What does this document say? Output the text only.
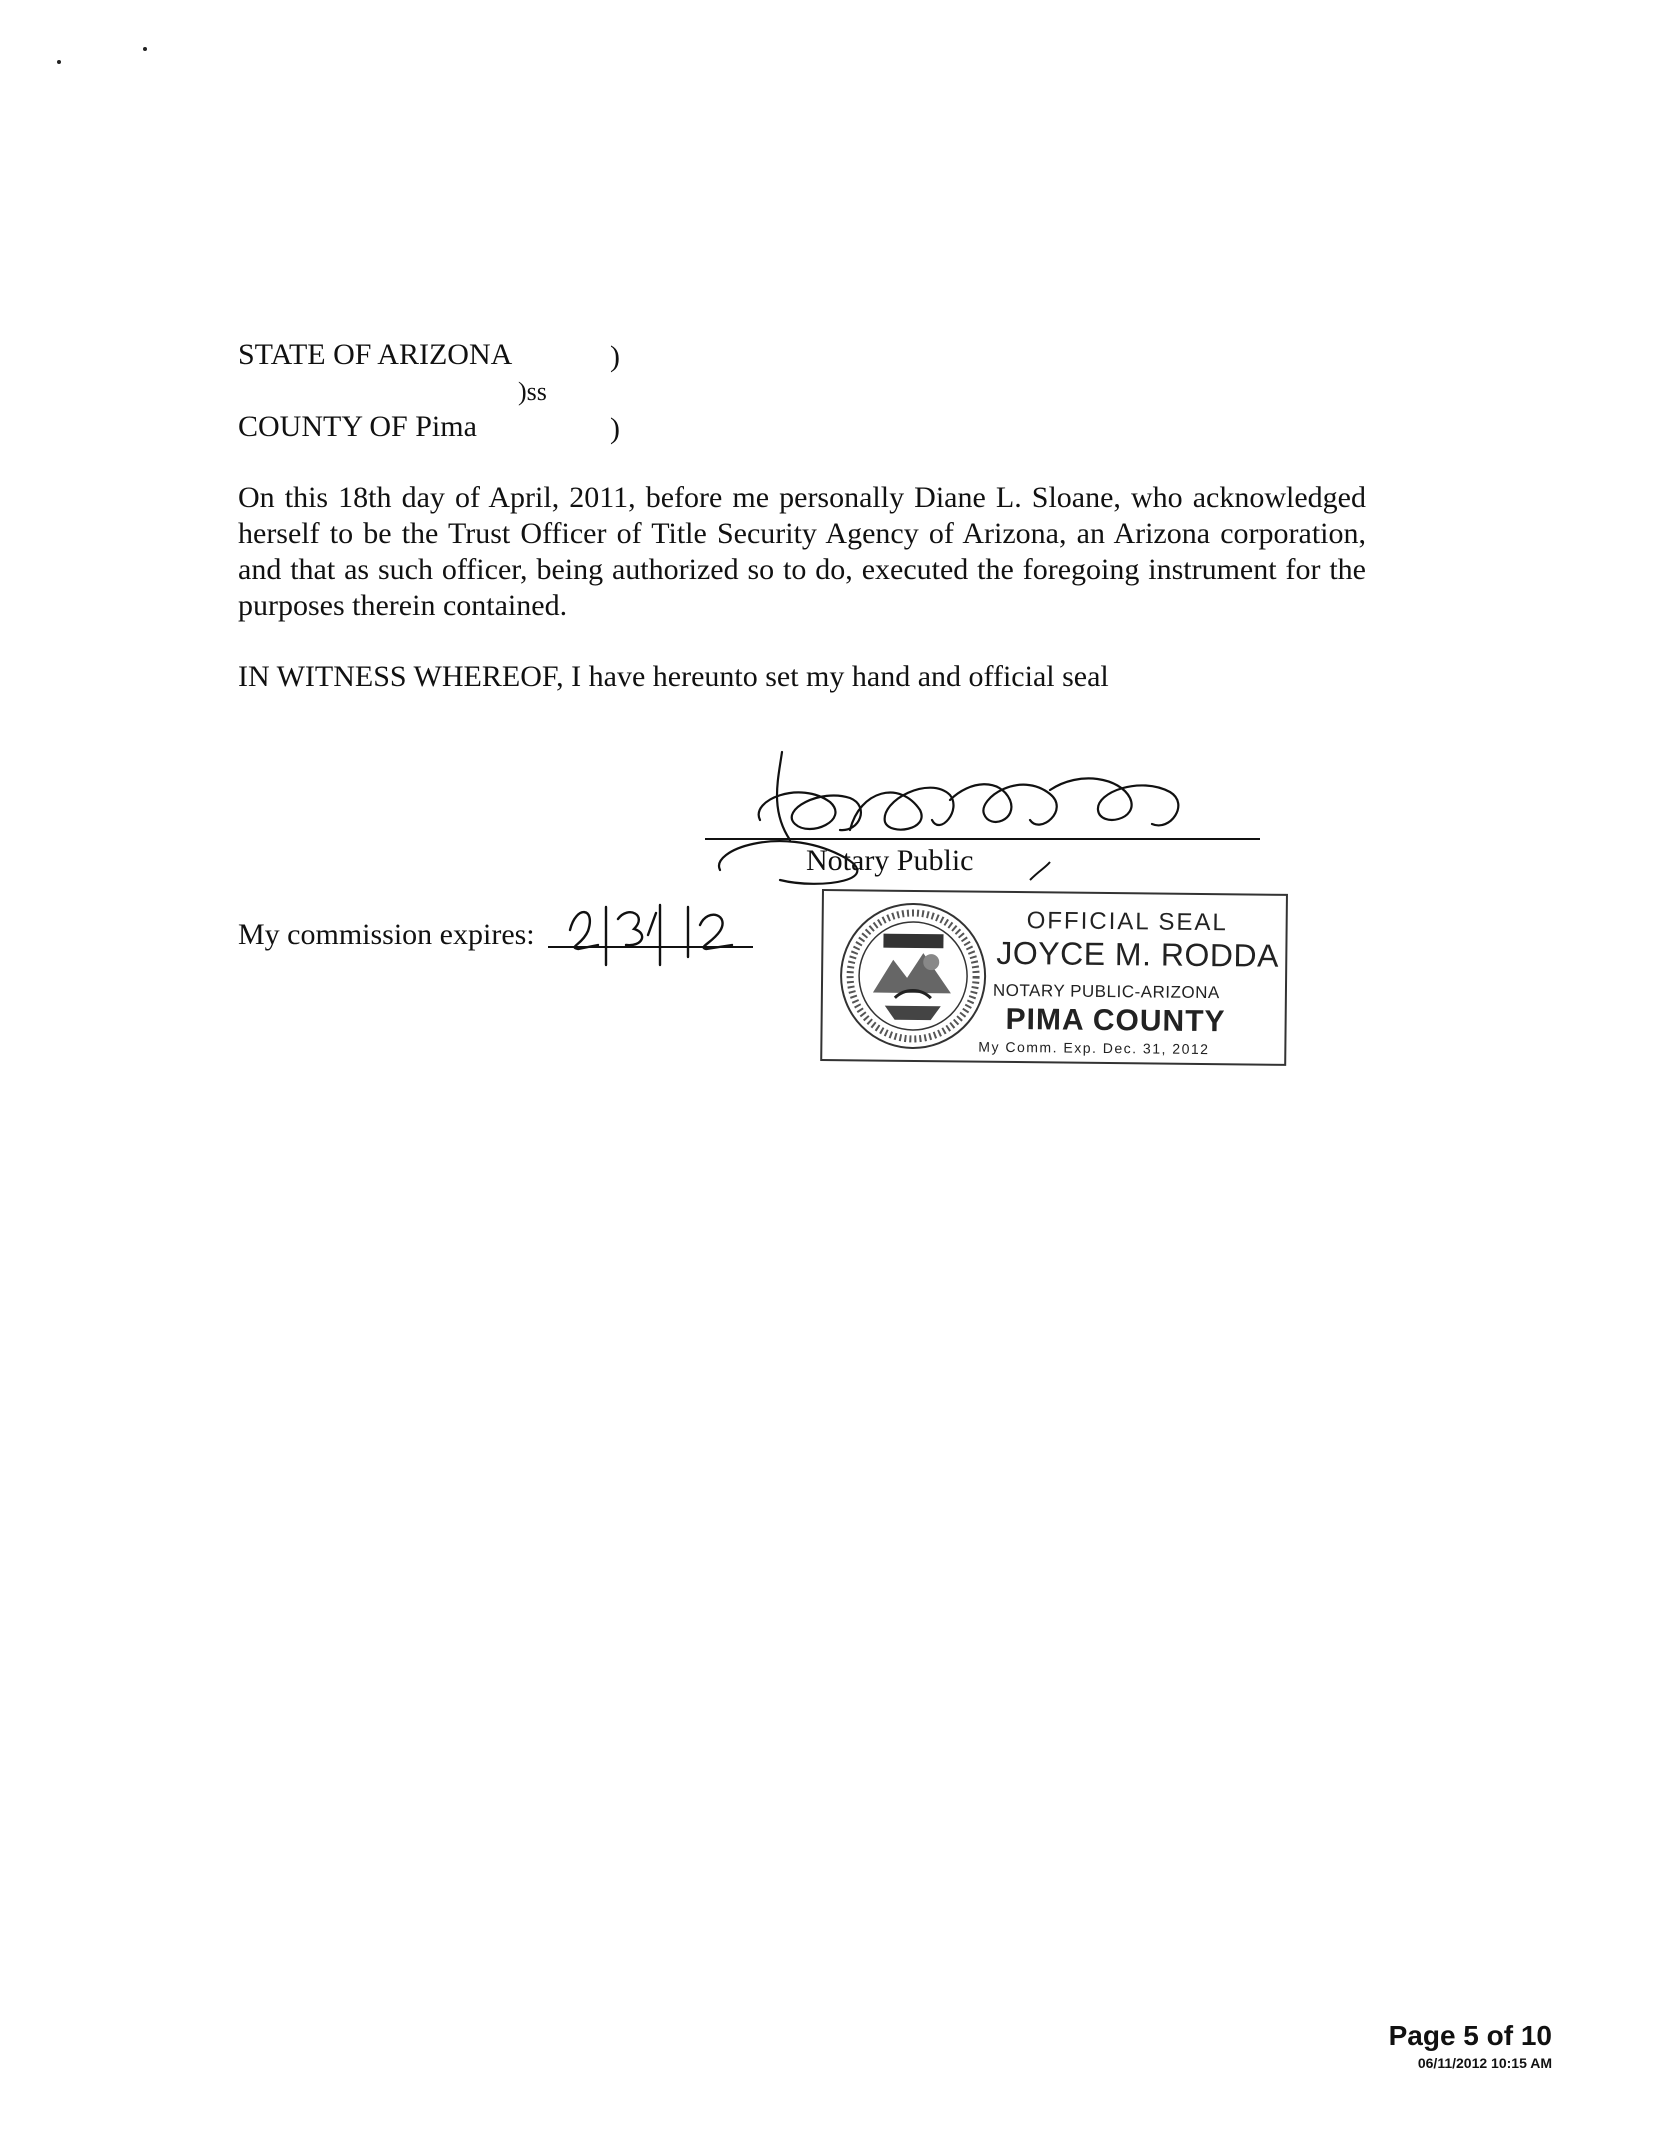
STATE OF ARIZONA	)
)ss
COUNTY OF Pima	)
On this 18th day of April, 2011, before me personally Diane L. Sloane, who acknowledged herself to be the Trust Officer of Title Security Agency of Arizona, an Arizona corporation, and that as such officer, being authorized so to do, executed the foregoing instrument for the purposes therein contained.
IN WITNESS WHEREOF, I have hereunto set my hand and official seal
Notary Public
My commission expires:	OFFICIAL SEAL
JOYCE M. RODDA
NOTARY PUBLIC-ARIZONA
PIMA COUNTY
My Comm. Exp. Dec. 31, 2012
Page 5 of 10
06/11/2012 10:15 AM
